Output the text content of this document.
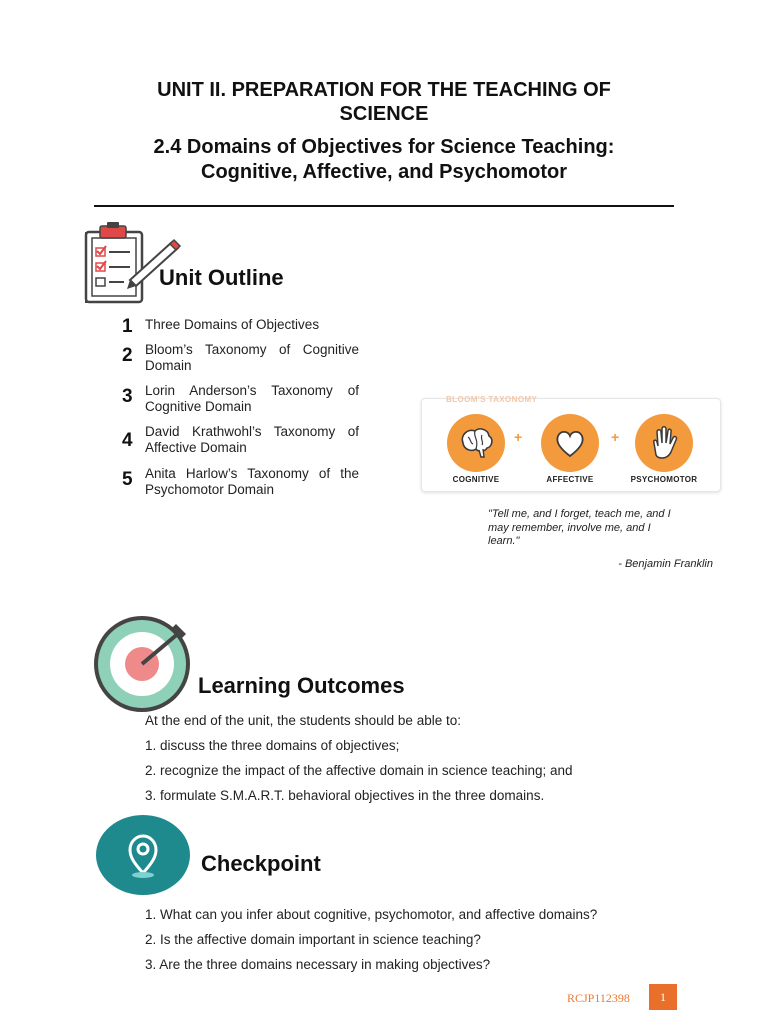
UNIT II. PREPARATION FOR THE TEACHING OF
SCIENCE
2.4 Domains of Objectives for Science Teaching:
Cognitive, Affective, and Psychomotor
Unit Outline
1 Three Domains of Objectives
2 Bloom’s Taxonomy of Cognitive Domain
3 Lorin Anderson’s Taxonomy of Cognitive Domain
4 David Krathwohl’s Taxonomy of Affective Domain
5 Anita Harlow’s Taxonomy of the Psychomotor Domain
BLOOM'S TAXONOMY
+	+
COGNITIVE	AFFECTIVE	PSYCHOMOTOR
"Tell me, and I forget, teach me, and I
may remember, involve me, and I
learn."
- Benjamin Franklin
Learning Outcomes
At the end of the unit, the students should be able to:
1. discuss the three domains of objectives;
2. recognize the impact of the affective domain in science teaching; and
3. formulate S.M.A.R.T. behavioral objectives in the three domains.
Checkpoint
1. What can you infer about cognitive, psychomotor, and affective domains?
2. Is the affective domain important in science teaching?
3. Are the three domains necessary in making objectives?
RCJP112398	1
